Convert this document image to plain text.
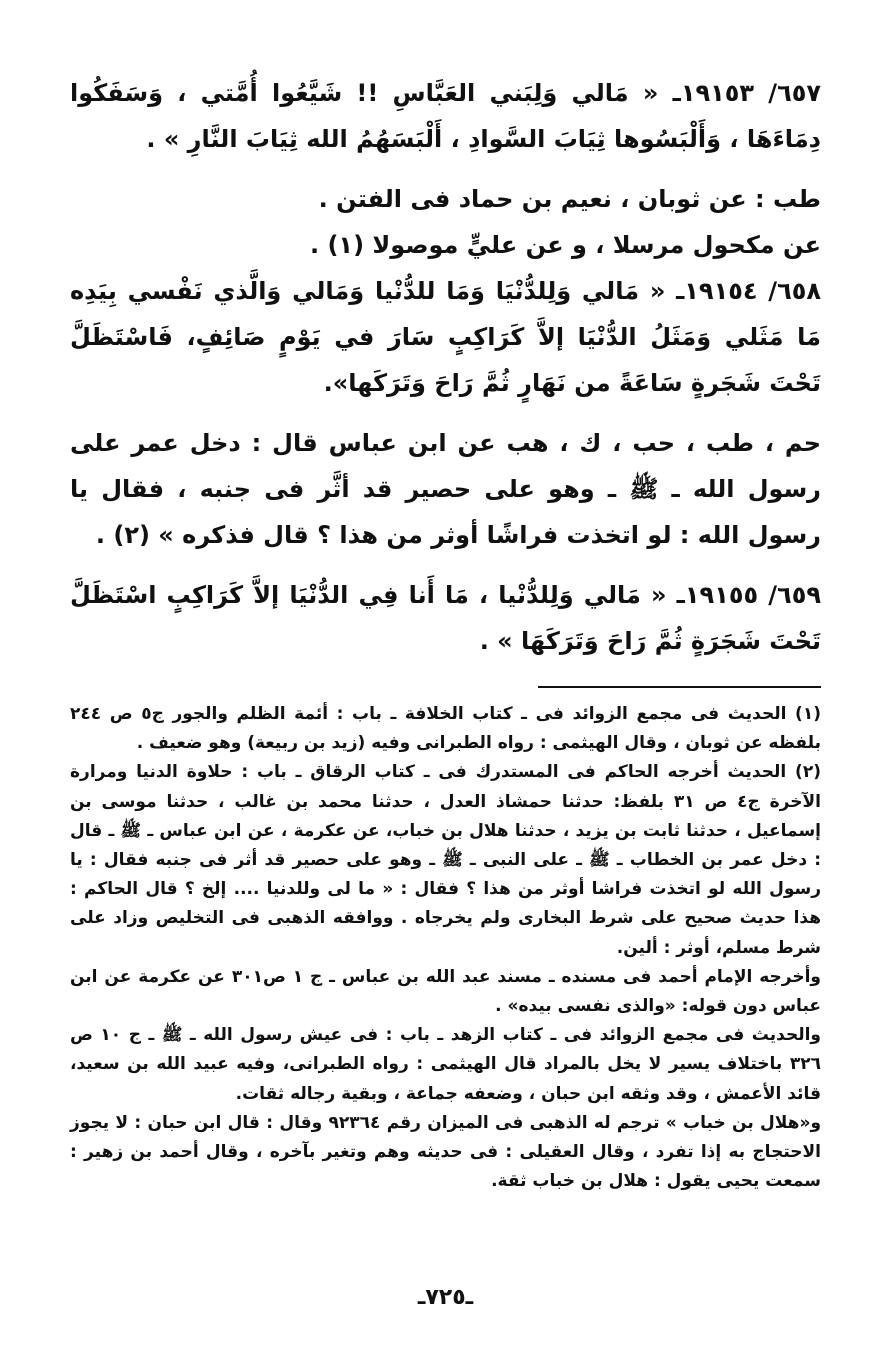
٦٥٧/ ١٩١٥٣ـ « مَالي وَلِبَني العَبَّاسِ !! شَيَّعُوا أُمَّتي ، وَسَفَكُوا دِمَاءَهَا ، وَأَلْبَسُوها ثِيَابَ السَّوادِ ، أَلْبَسَهُمُ الله ثِيَابَ النَّارِ » .

طب : عن ثوبان ، نعيم بن حماد فى الفتن .

عن مكحول مرسلا ، و عن عليٍّ موصولا (١) .

٦٥٨/ ١٩١٥٤ـ « مَالي وَلِلدُّنْيَا وَمَا للدُّنْيا وَمَالي وَالَّذي نَفْسي بِيَدِه مَا مَثَلي وَمَثَلُ الدُّنْيَا إلاَّ كَرَاكِبٍ سَارَ في يَوْمٍ صَائِفٍ، فَاسْتَظَلَّ تَحْتَ شَجَرةٍ سَاعَةً من نَهَارٍ ثُمَّ رَاحَ وَتَرَكَها».

حم ، طب ، حب ، ك ، هب عن ابن عباس قال : دخل عمر على رسول الله ـ ﷺ ـ وهو على حصير قد أثَّر فى جنبه ، فقال يا رسول الله : لو اتخذت فراشًا أوثر من هذا ؟ قال فذكره » (٢) .

٦٥٩/ ١٩١٥٥ـ « مَالي وَلِلدُّنْيا ، مَا أَنا فِي الدُّنْيَا إلاَّ كَرَاكِبٍ اسْتَظَلَّ تَحْتَ شَجَرَةٍ ثُمَّ رَاحَ وَتَرَكَهَا » .

(١) الحديث فى مجمع الزوائد فى ـ كتاب الخلافة ـ باب : أئمة الظلم والجور ج٥ ص ٢٤٤ بلفظه عن ثوبان ، وقال الهيثمى : رواه الطبرانى وفيه (زيد بن ربيعة) وهو ضعيف .

(٢) الحديث أخرجه الحاكم فى المستدرك فى ـ كتاب الرقاق ـ باب : حلاوة الدنيا ومرارة الآخرة ج٤ ص ٣١ بلفظ: حدثنا حمشاذ العدل ، حدثنا محمد بن غالب ، حدثنا موسى بن إسماعيل ، حدثنا ثابت بن يزيد ، حدثنا هلال بن خباب، عن عكرمة ، عن ابن عباس ـ ﷺ ـ قال : دخل عمر بن الخطاب ـ ﷺ ـ على النبى ـ ﷺ ـ وهو على حصير قد أثر فى جنبه فقال : يا رسول الله لو اتخذت فراشا أوثر من هذا ؟ فقال : « ما لى وللدنيا .... إلخ ؟ قال الحاكم : هذا حديث صحيح على شرط البخارى ولم يخرجاه . ووافقه الذهبى فى التخليص وزاد على شرط مسلم، أوثر : ألين.

وأخرجه الإمام أحمد فى مسنده ـ مسند عبد الله بن عباس ـ ج ١ ص٣٠١ عن عكرمة عن ابن عباس دون قوله: «والذى نفسى بيده» .

والحديث فى مجمع الزوائد فى ـ كتاب الزهد ـ باب : فى عيش رسول الله ـ ﷺ ـ ج ١٠ ص ٣٢٦ باختلاف يسير لا يخل بالمراد قال الهيثمى : رواه الطبرانى، وفيه عبيد الله بن سعيد، قائد الأعمش ، وقد وثقه ابن حبان ، وضعفه جماعة ، وبقية رجاله ثقات.

و«هلال بن خباب » ترجم له الذهبى فى الميزان رقم ٩٢٣٦٤ وقال : قال ابن حبان : لا يجوز الاحتجاج به إذا تفرد ، وقال العقيلى : فى حديثه وهم وتغير بآخره ، وقال أحمد بن زهير : سمعت يحيى يقول : هلال بن خباب ثقة.

ـ٧٢٥ـ
